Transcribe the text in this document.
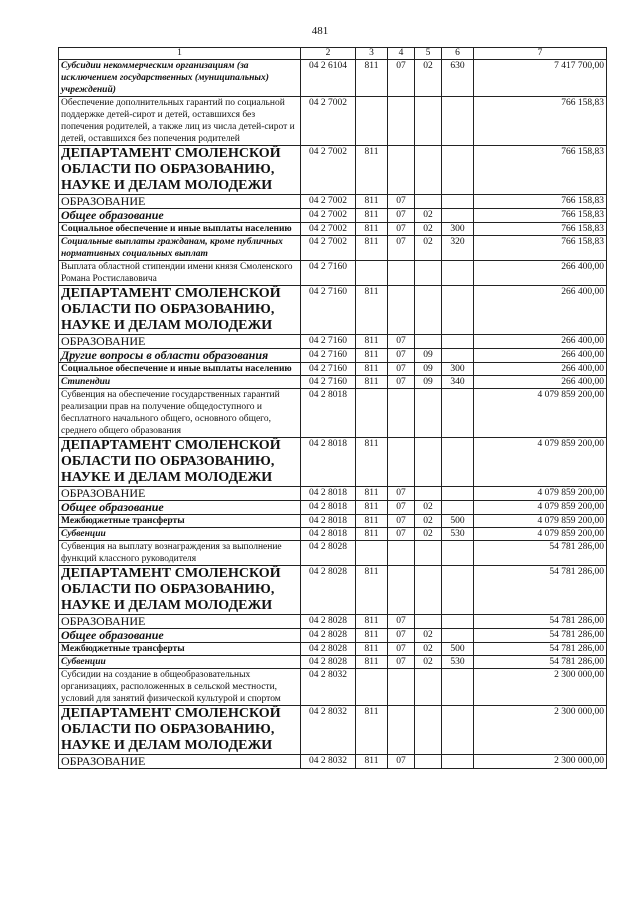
481
1	2	3	4	5	6	7
Субсидии некоммерческим организациям (за исключением государственных (муниципальных) учреждений)	04 2 6104	811	07	02	630	7 417 700,00
Обеспечение дополнительных гарантий по социальной поддержке детей-сирот и детей, оставшихся без попечения родителей, а также лиц из числа детей-сирот и детей, оставшихся без попечения родителей	04 2 7002					766 158,83
ДЕПАРТАМЕНТ СМОЛЕНСКОЙ ОБЛАСТИ ПО ОБРАЗОВАНИЮ, НАУКЕ И ДЕЛАМ МОЛОДЕЖИ	04 2 7002	811				766 158,83
ОБРАЗОВАНИЕ	04 2 7002	811	07			766 158,83
Общее образование	04 2 7002	811	07	02		766 158,83
Социальное обеспечение и иные выплаты населению	04 2 7002	811	07	02	300	766 158,83
Социальные выплаты гражданам, кроме публичных нормативных социальных выплат	04 2 7002	811	07	02	320	766 158,83
Выплата областной стипендии имени князя Смоленского Романа Ростиславовича	04 2 7160					266 400,00
ДЕПАРТАМЕНТ СМОЛЕНСКОЙ ОБЛАСТИ ПО ОБРАЗОВАНИЮ, НАУКЕ И ДЕЛАМ МОЛОДЕЖИ	04 2 7160	811				266 400,00
ОБРАЗОВАНИЕ	04 2 7160	811	07			266 400,00
Другие вопросы в области образования	04 2 7160	811	07	09		266 400,00
Социальное обеспечение и иные выплаты населению	04 2 7160	811	07	09	300	266 400,00
Стипендии	04 2 7160	811	07	09	340	266 400,00
Субвенция на обеспечение государственных гарантий реализации прав на получение общедоступного и бесплатного начального общего, основного общего, среднего общего образования	04 2 8018					4 079 859 200,00
ДЕПАРТАМЕНТ СМОЛЕНСКОЙ ОБЛАСТИ ПО ОБРАЗОВАНИЮ, НАУКЕ И ДЕЛАМ МОЛОДЕЖИ	04 2 8018	811				4 079 859 200,00
ОБРАЗОВАНИЕ	04 2 8018	811	07			4 079 859 200,00
Общее образование	04 2 8018	811	07	02		4 079 859 200,00
Межбюджетные трансферты	04 2 8018	811	07	02	500	4 079 859 200,00
Субвенции	04 2 8018	811	07	02	530	4 079 859 200,00
Субвенция на выплату вознаграждения за выполнение функций классного руководителя	04 2 8028					54 781 286,00
ДЕПАРТАМЕНТ СМОЛЕНСКОЙ ОБЛАСТИ ПО ОБРАЗОВАНИЮ, НАУКЕ И ДЕЛАМ МОЛОДЕЖИ	04 2 8028	811				54 781 286,00
ОБРАЗОВАНИЕ	04 2 8028	811	07			54 781 286,00
Общее образование	04 2 8028	811	07	02		54 781 286,00
Межбюджетные трансферты	04 2 8028	811	07	02	500	54 781 286,00
Субвенции	04 2 8028	811	07	02	530	54 781 286,00
Субсидии на создание в общеобразовательных организациях, расположенных в сельской местности, условий для занятий физической культурой и спортом	04 2 8032					2 300 000,00
ДЕПАРТАМЕНТ СМОЛЕНСКОЙ ОБЛАСТИ ПО ОБРАЗОВАНИЮ, НАУКЕ И ДЕЛАМ МОЛОДЕЖИ	04 2 8032	811				2 300 000,00
ОБРАЗОВАНИЕ	04 2 8032	811	07			2 300 000,00
